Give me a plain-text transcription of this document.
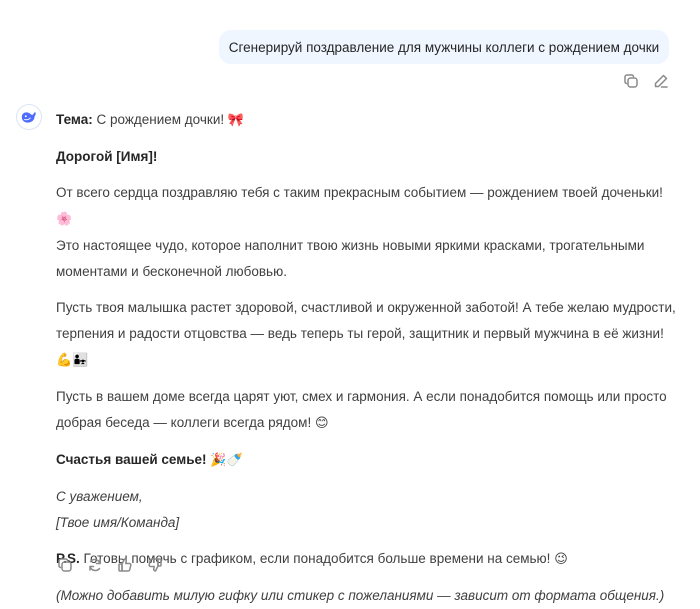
Сгенерируй поздравление для мужчины коллеги с рождением дочки

Тема: С рождением дочки! 🎀

Дорогой [Имя]!

От всего сердца поздравляю тебя с таким прекрасным событием — рождением твоей доченьки! 🌸
Это настоящее чудо, которое наполнит твою жизнь новыми яркими красками, трогательными моментами и бесконечной любовью.

Пусть твоя малышка растет здоровой, счастливой и окруженной заботой! А тебе желаю мудрости, терпения и радости отцовства — ведь теперь ты герой, защитник и первый мужчина в её жизни! 💪👨‍👧

Пусть в вашем доме всегда царят уют, смех и гармония. А если понадобится помощь или просто добрая беседа — коллеги всегда рядом! 😊

Счастья вашей семье! 🎉🍼

С уважением,

[Твое имя/Команда]

P.S. Готовы помочь с графиком, если понадобится больше времени на семью! 😉

(Можно добавить милую гифку или стикер с пожеланиями — зависит от формата общения.)
